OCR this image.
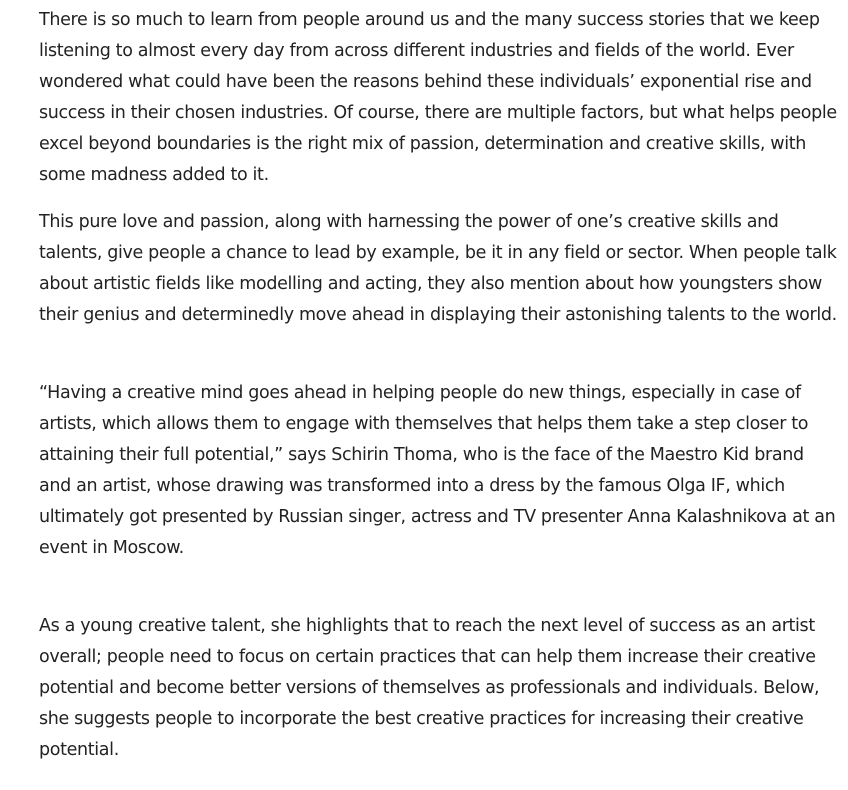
There is so much to learn from people around us and the many success stories that we keep listening to almost every day from across different industries and fields of the world. Ever wondered what could have been the reasons behind these individuals’ exponential rise and success in their chosen industries. Of course, there are multiple factors, but what helps people excel beyond boundaries is the right mix of passion, determination and creative skills, with some madness added to it.

This pure love and passion, along with harnessing the power of one’s creative skills and talents, give people a chance to lead by example, be it in any field or sector. When people talk about artistic fields like modelling and acting, they also mention about how youngsters show their genius and determinedly move ahead in displaying their astonishing talents to the world.

“Having a creative mind goes ahead in helping people do new things, especially in case of artists, which allows them to engage with themselves that helps them take a step closer to attaining their full potential,” says Schirin Thoma, who is the face of the Maestro Kid brand and an artist, whose drawing was transformed into a dress by the famous Olga IF, which ultimately got presented by Russian singer, actress and TV presenter Anna Kalashnikova at an event in Moscow.

As a young creative talent, she highlights that to reach the next level of success as an artist overall; people need to focus on certain practices that can help them increase their creative potential and become better versions of themselves as professionals and individuals. Below, she suggests people to incorporate the best creative practices for increasing their creative potential.
